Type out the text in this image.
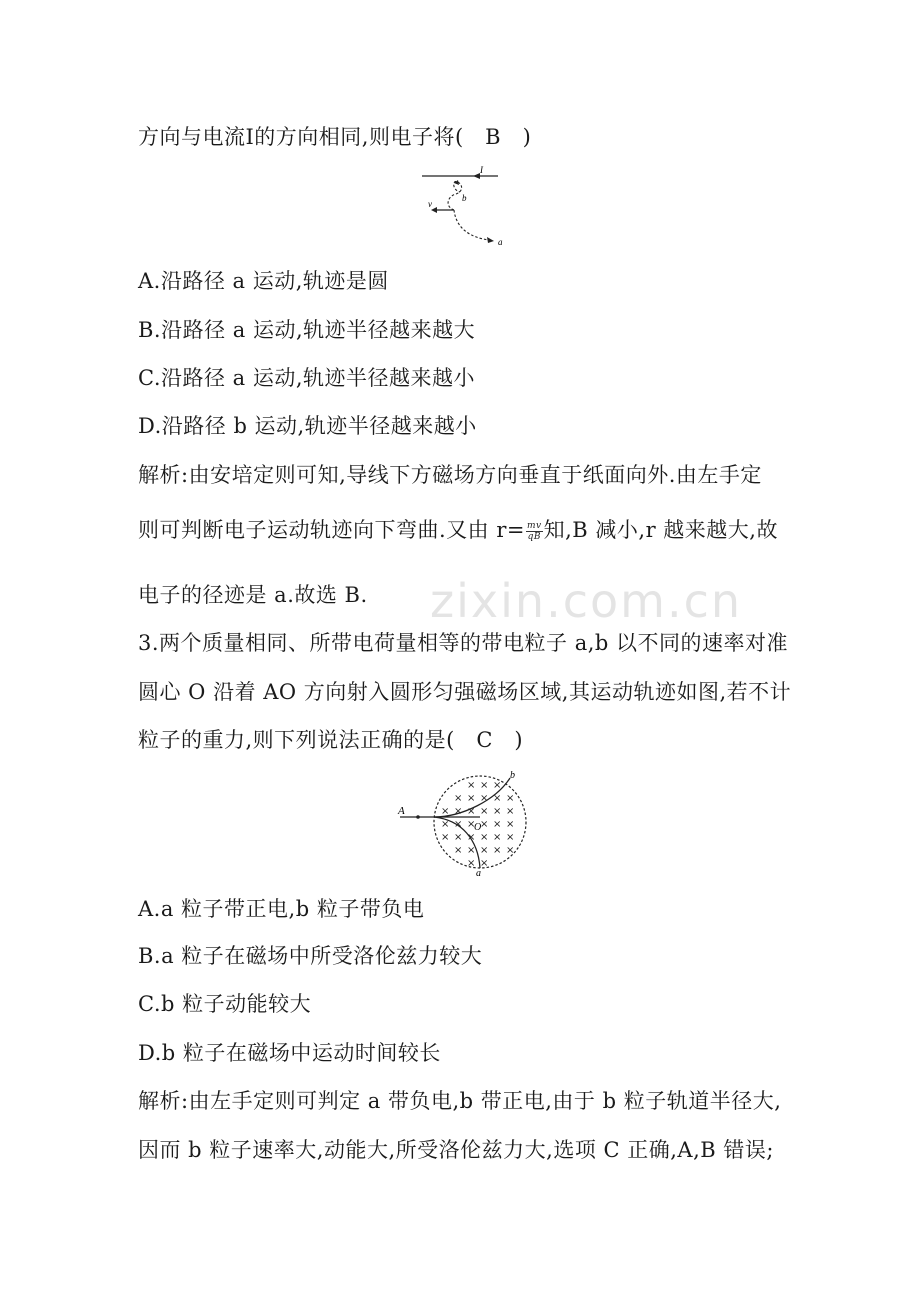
zixin.com.cn
方向与电流Ⅰ的方向相同,则电子将(　B　)
I
b
v
a
A.沿路径 a 运动,轨迹是圆
B.沿路径 a 运动,轨迹半径越来越大
C.沿路径 a 运动,轨迹半径越来越小
D.沿路径 b 运动,轨迹半径越来越小
解析:由安培定则可知,导线下方磁场方向垂直于纸面向外.由左手定
则可判断电子运动轨迹向下弯曲.又由 $r= \frac{mv}{qB}$ 知,B 减小,r 越来越大,故
电子的径迹是 a.故选 B.
3.两个质量相同、所带电荷量相等的带电粒子 a,b 以不同的速率对准
圆心 O 沿着 AO 方向射入圆形匀强磁场区域,其运动轨迹如图,若不计
粒子的重力,则下列说法正确的是(　C　)
× × ×
× × × × ×
× × × × × ×
× × × × × ×
× × × × × ×
× × × × ×
× ×
A
O
b
a
A.a 粒子带正电,b 粒子带负电
B.a 粒子在磁场中所受洛伦兹力较大
C.b 粒子动能较大
D.b 粒子在磁场中运动时间较长
解析:由左手定则可判定 a 带负电,b 带正电,由于 b 粒子轨道半径大,
因而 b 粒子速率大,动能大,所受洛伦兹力大,选项 C 正确,A,B 错误;
